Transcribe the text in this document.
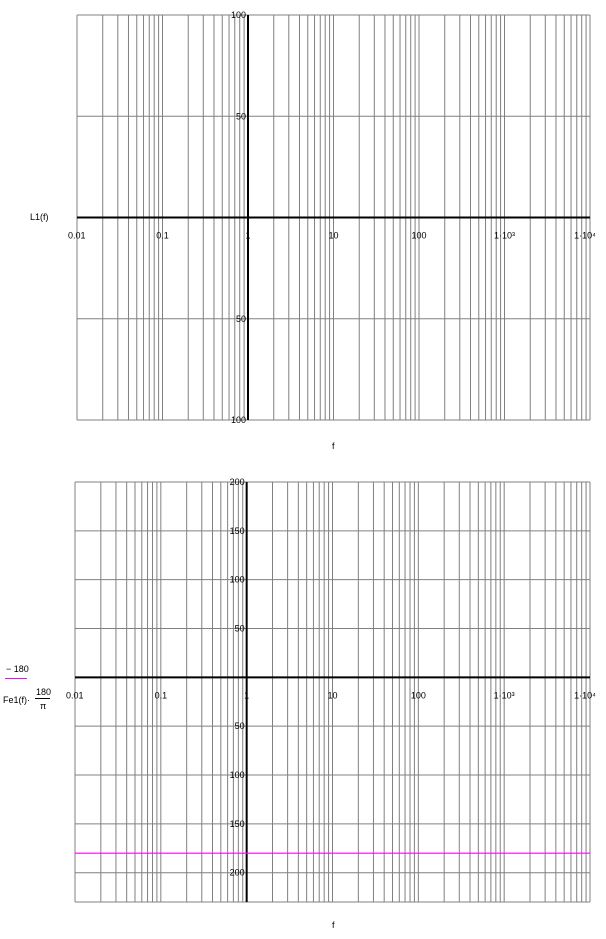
0.01	0.1	1	10	100	1·10³	1·10⁴
100
50
50
100
0.01	0.1	1	10	100	1·10³	1·10⁴
200
150
100
50
50
100
150
200
L1(f)
f
− 180
Fe1(f)·
180
π
f
